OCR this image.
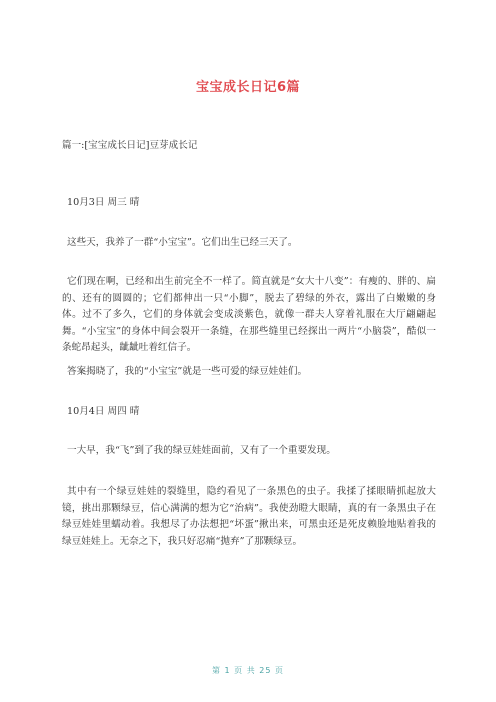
宝宝成长日记6篇

篇一:[宝宝成长日记]豆芽成长记

10月3日 周三 晴

这些天，我养了一群“小宝宝”。它们出生已经三天了。

它们现在啊，已经和出生前完全不一样了。简直就是“女大十八变”：有瘦的、胖的、扁的、还有的圆圆的；它们都伸出一只“小脚”，脱去了碧绿的外衣，露出了白嫩嫩的身体。过不了多久，它们的身体就会变成淡紫色，就像一群夫人穿着礼服在大厅翩翩起舞。“小宝宝”的身体中间会裂开一条缝，在那些缝里已经探出一两片“小脑袋”，酷似一条蛇昂起头，龇龇吐着红信子。

答案揭晓了，我的“小宝宝”就是一些可爱的绿豆娃娃们。

10月4日 周四 晴

一大早，我“飞”到了我的绿豆娃娃面前，又有了一个重要发现。

其中有一个绿豆娃娃的裂缝里，隐约看见了一条黑色的虫子。我揉了揉眼睛抓起放大镜，挑出那颗绿豆，信心满满的想为它“治病”。我使劲瞪大眼睛，真的有一条黑虫子在绿豆娃娃里蠕动着。我想尽了办法想把“坏蛋”揪出来，可黑虫还是死皮赖脸地贴着我的绿豆娃娃上。无奈之下，我只好忍痛“抛弃”了那颗绿豆。

第 1 页 共 25 页
